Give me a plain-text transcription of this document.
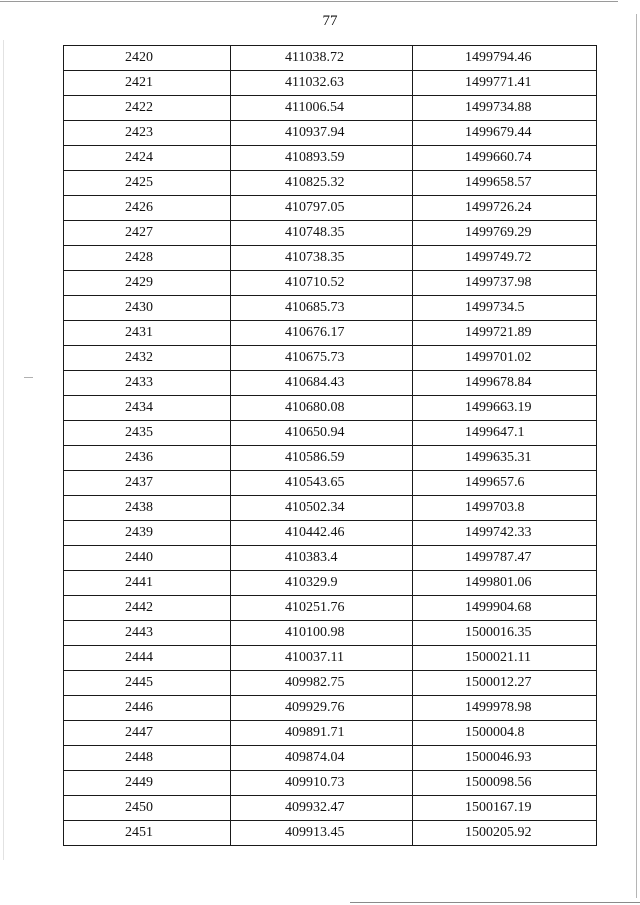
77
2420	411038.72	1499794.46
2421	411032.63	1499771.41
2422	411006.54	1499734.88
2423	410937.94	1499679.44
2424	410893.59	1499660.74
2425	410825.32	1499658.57
2426	410797.05	1499726.24
2427	410748.35	1499769.29
2428	410738.35	1499749.72
2429	410710.52	1499737.98
2430	410685.73	1499734.5
2431	410676.17	1499721.89
2432	410675.73	1499701.02
2433	410684.43	1499678.84
2434	410680.08	1499663.19
2435	410650.94	1499647.1
2436	410586.59	1499635.31
2437	410543.65	1499657.6
2438	410502.34	1499703.8
2439	410442.46	1499742.33
2440	410383.4	1499787.47
2441	410329.9	1499801.06
2442	410251.76	1499904.68
2443	410100.98	1500016.35
2444	410037.11	1500021.11
2445	409982.75	1500012.27
2446	409929.76	1499978.98
2447	409891.71	1500004.8
2448	409874.04	1500046.93
2449	409910.73	1500098.56
2450	409932.47	1500167.19
2451	409913.45	1500205.92
